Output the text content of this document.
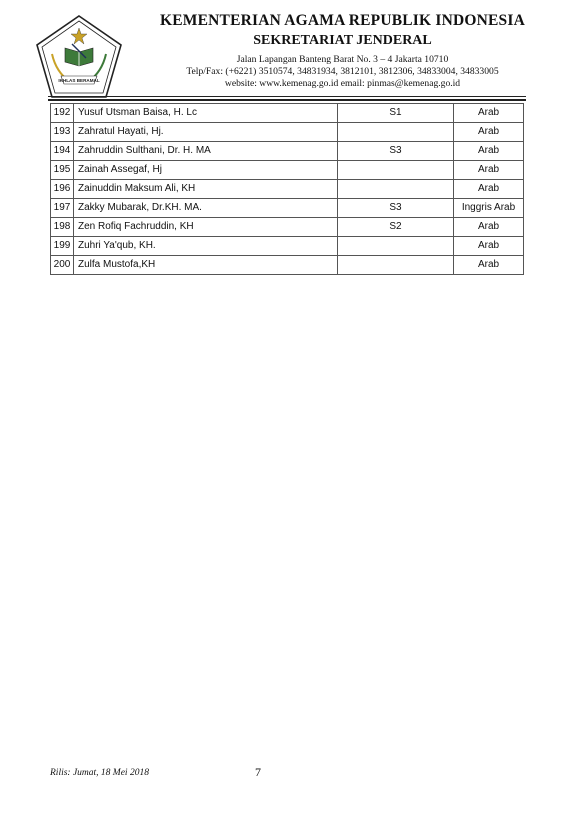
IKHLAS BERAMAL
KEMENTERIAN AGAMA REPUBLIK INDONESIA
SEKRETARIAT JENDERAL
Jalan Lapangan Banteng Barat No. 3 – 4 Jakarta 10710
Telp/Fax: (+6221) 3510574, 34831934, 3812101, 3812306, 34833004, 34833005
website: www.kemenag.go.id email: pinmas@kemenag.go.id
192	Yusuf Utsman Baisa, H. Lc	S1	Arab
193	Zahratul Hayati, Hj.		Arab
194	Zahruddin Sulthani, Dr. H. MA	S3	Arab
195	Zainah Assegaf, Hj		Arab
196	Zainuddin Maksum Ali, KH		Arab
197	Zakky Mubarak, Dr.KH. MA.	S3	Inggris Arab
198	Zen Rofiq Fachruddin, KH	S2	Arab
199	Zuhri Ya'qub, KH.		Arab
200	Zulfa Mustofa,KH		Arab
Rilis: Jumat, 18 Mei 2018	7
